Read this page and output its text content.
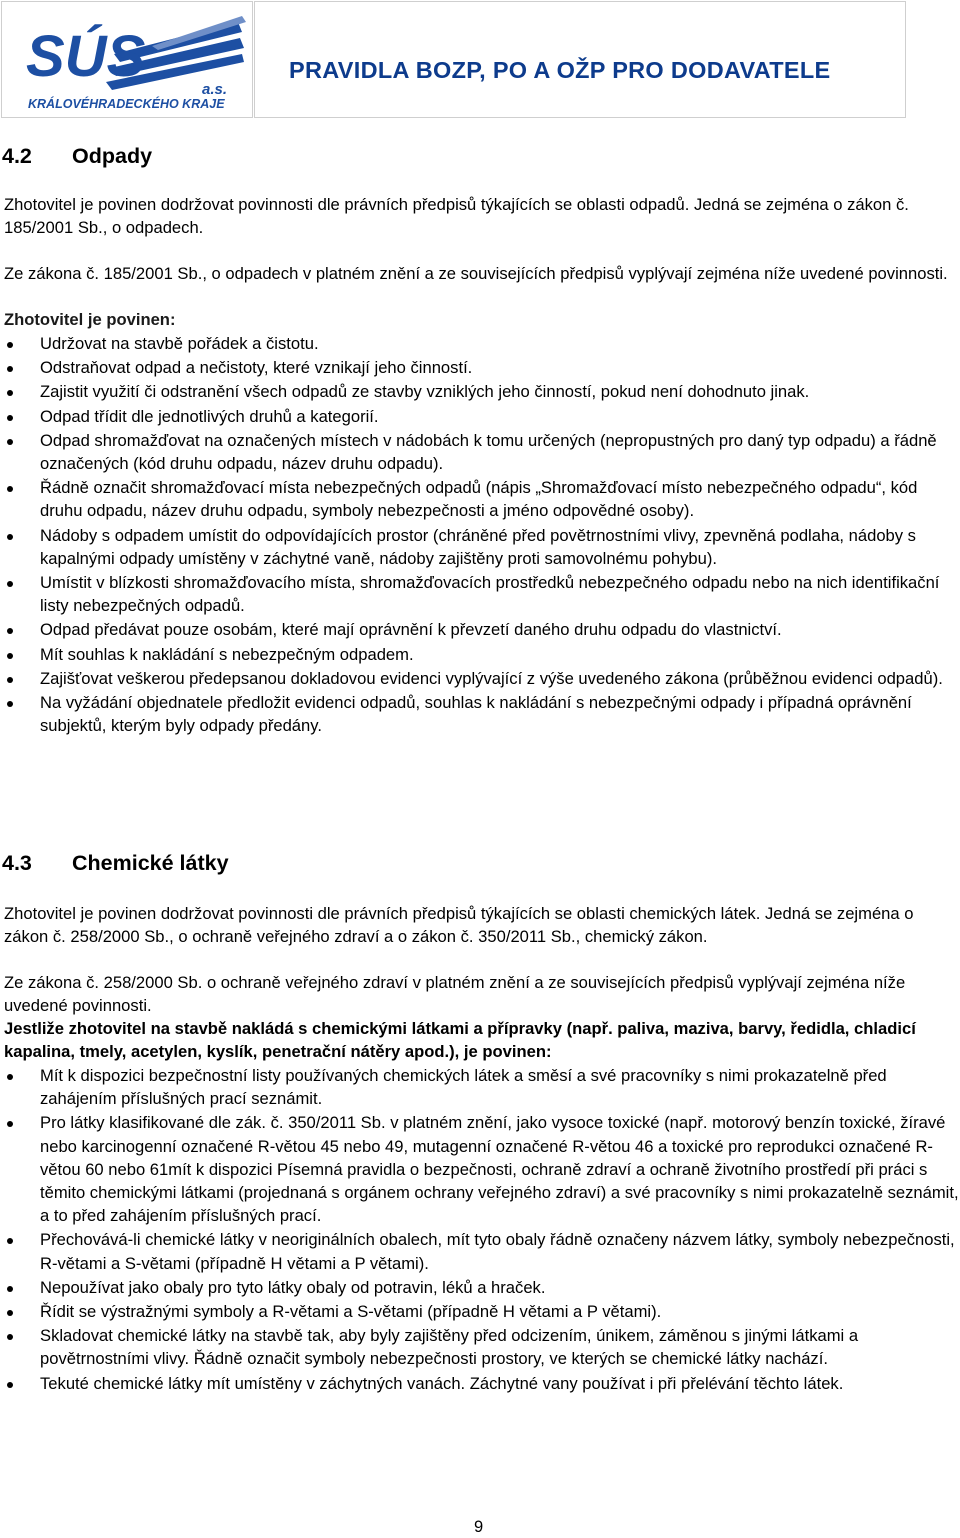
SÚS
a.s.
KRÁLOVÉHRADECKÉHO KRAJE
PRAVIDLA BOZP, PO A OŽP PRO DODAVATELE
4.2 Odpady

Zhotovitel je povinen dodržovat povinnosti dle právních předpisů týkajících se oblasti odpadů. Jedná se zejména o zákon č. 185/2001 Sb., o odpadech.

Ze zákona č. 185/2001 Sb., o odpadech v platném znění a ze souvisejících předpisů vyplývají zejména níže uvedené povinnosti.

Zhotovitel je povinen:

Udržovat na stavbě pořádek a čistotu.
Odstraňovat odpad a nečistoty, které vznikají jeho činností.
Zajistit využití či odstranění všech odpadů ze stavby vzniklých jeho činností, pokud není dohodnuto jinak.
Odpad třídit dle jednotlivých druhů a kategorií.
Odpad shromažďovat na označených místech v nádobách k tomu určených (nepropustných pro daný typ odpadu) a řádně označených (kód druhu odpadu, název druhu odpadu).
Řádně označit shromažďovací místa nebezpečných odpadů (nápis „Shromažďovací místo nebezpečného odpadu“, kód druhu odpadu, název druhu odpadu, symboly nebezpečnosti a jméno odpovědné osoby).
Nádoby s odpadem umístit do odpovídajících prostor (chráněné před povětrnostními vlivy, zpevněná podlaha, nádoby s kapalnými odpady umístěny v záchytné vaně, nádoby zajištěny proti samovolnému pohybu).
Umístit v blízkosti shromažďovacího místa, shromažďovacích prostředků nebezpečného odpadu nebo na nich identifikační listy nebezpečných odpadů.
Odpad předávat pouze osobám, které mají oprávnění k převzetí daného druhu odpadu do vlastnictví.
Mít souhlas k nakládání s nebezpečným odpadem.
Zajišťovat veškerou předepsanou dokladovou evidenci vyplývající z výše uvedeného zákona (průběžnou evidenci odpadů).
Na vyžádání objednatele předložit evidenci odpadů, souhlas k nakládání s nebezpečnými odpady i případná oprávnění subjektů, kterým byly odpady předány.
4.3 Chemické látky

Zhotovitel je povinen dodržovat povinnosti dle právních předpisů týkajících se oblasti chemických látek. Jedná se zejména o zákon č. 258/2000 Sb., o ochraně veřejného zdraví a o zákon č. 350/2011 Sb., chemický zákon.

Ze zákona č. 258/2000 Sb. o ochraně veřejného zdraví v platném znění a ze souvisejících předpisů vyplývají zejména níže uvedené povinnosti.

Jestliže zhotovitel na stavbě nakládá s chemickými látkami a přípravky (např. paliva, maziva, barvy, ředidla, chladicí kapalina, tmely, acetylen, kyslík, penetrační nátěry apod.), je povinen:

Mít k dispozici bezpečnostní listy používaných chemických látek a směsí a své pracovníky s nimi prokazatelně před zahájením příslušných prací seznámit.
Pro látky klasifikované dle zák. č. 350/2011 Sb. v platném znění, jako vysoce toxické (např. motorový benzín toxické, žíravé nebo karcinogenní označené R-větou 45 nebo 49, mutagenní označené R-větou 46 a toxické pro reprodukci označené R-větou 60 nebo 61mít k dispozici Písemná pravidla o bezpečnosti, ochraně zdraví a ochraně životního prostředí při práci s těmito chemickými látkami (projednaná s orgánem ochrany veřejného zdraví) a své pracovníky s nimi prokazatelně seznámit, a to před zahájením příslušných prací.
Přechovává-li chemické látky v neoriginálních obalech, mít tyto obaly řádně označeny názvem látky, symboly nebezpečnosti, R-větami a S-větami (případně H větami a P větami).
Nepoužívat jako obaly pro tyto látky obaly od potravin, léků a hraček.
Řídit se výstražnými symboly a R-větami a S-větami (případně H větami a P větami).
Skladovat chemické látky na stavbě tak, aby byly zajištěny před odcizením, únikem, záměnou s jinými látkami a povětrnostními vlivy. Řádně označit symboly nebezpečnosti prostory, ve kterých se chemické látky nachází.
Tekuté chemické látky mít umístěny v záchytných vanách. Záchytné vany používat i při přelévání těchto látek.
9
